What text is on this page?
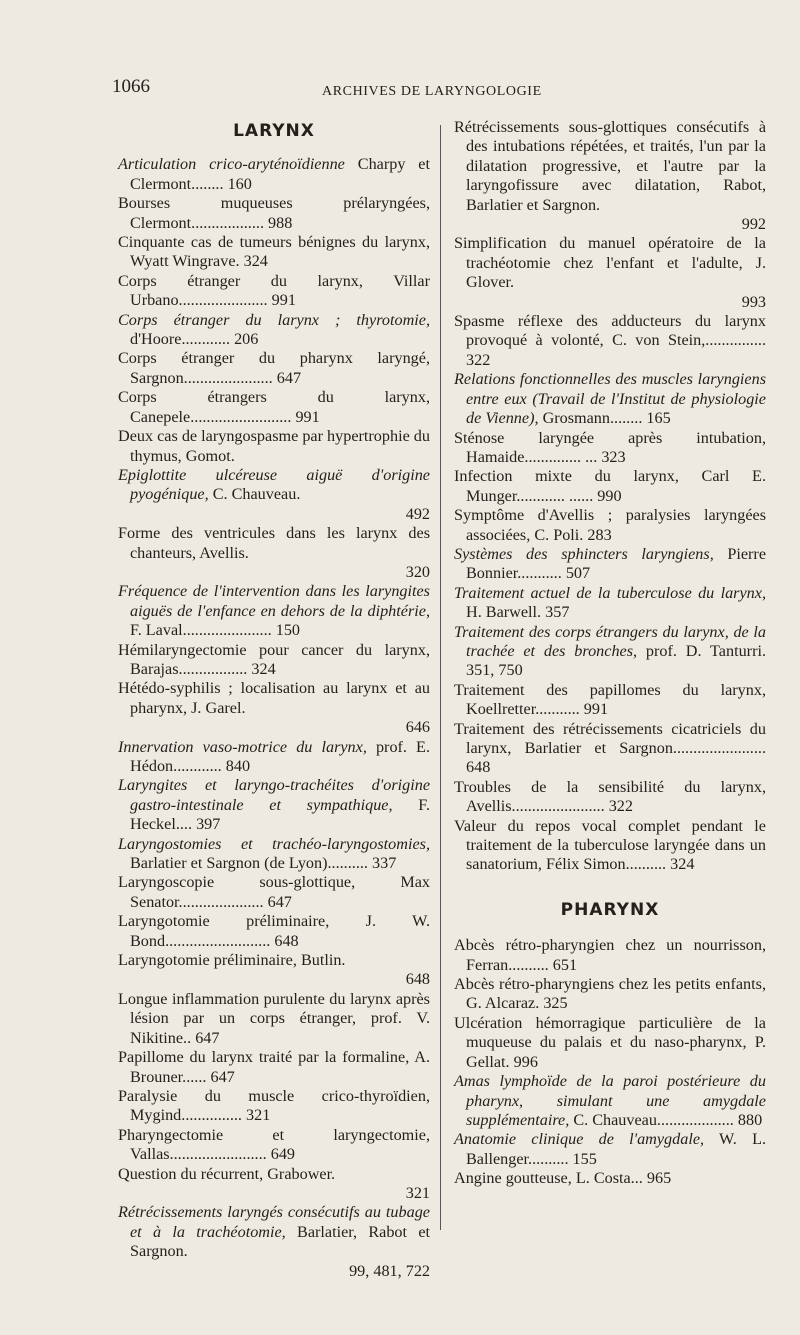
1066	ARCHIVES DE LARYNGOLOGIE
LARYNX
Articulation crico-aryténoïdienne Charpy et Clermont........ 160
Bourses muqueuses prélaryngées, Clermont.................. 988
Cinquante cas de tumeurs bénignes du larynx, Wyatt Wingrave. 324
Corps étranger du larynx, Villar Urbano...................... 991
Corps étranger du larynx ; thyrotomie, d'Hoore............ 206
Corps étranger du pharynx laryngé, Sargnon...................... 647
Corps étrangers du larynx, Canepele......................... 991
Deux cas de laryngospasme par hypertrophie du thymus, Gomot.
Epiglottite ulcéreuse aiguë d'origine pyogénique, C. Chauveau.
492
Forme des ventricules dans les larynx des chanteurs, Avellis.
320
Fréquence de l'intervention dans les laryngites aiguës de l'enfance en dehors de la diphtérie, F. Laval...................... 150
Hémilaryngectomie pour cancer du larynx, Barajas................. 324
Hétédo-syphilis ; localisation au larynx et au pharynx, J. Garel.
646
Innervation vaso-motrice du larynx, prof. E. Hédon............ 840
Laryngites et laryngo-trachéites d'origine gastro-intestinale et sympathique, F. Heckel.... 397
Laryngostomies et trachéo-laryngostomies, Barlatier et Sargnon (de Lyon).......... 337
Laryngoscopie sous-glottique, Max Senator..................... 647
Laryngotomie préliminaire, J. W. Bond.......................... 648
Laryngotomie préliminaire, Butlin.
648
Longue inflammation purulente du larynx après lésion par un corps étranger, prof. V. Nikitine.. 647
Papillome du larynx traité par la formaline, A. Brouner...... 647
Paralysie du muscle crico-thyroïdien, Mygind............... 321
Pharyngectomie et laryngectomie, Vallas........................ 649
Question du récurrent, Grabower.
321
Rétrécissements laryngés consécutifs au tubage et à la trachéotomie, Barlatier, Rabot et Sargnon.
99, 481, 722
Rétrécissements sous-glottiques consécutifs à des intubations répétées, et traités, l'un par la dilatation progressive, et l'autre par la laryngofissure avec dilatation, Rabot, Barlatier et Sargnon.
992
Simplification du manuel opératoire de la trachéotomie chez l'enfant et l'adulte, J. Glover.
993
Spasme réflexe des adducteurs du larynx provoqué à volonté, C. von Stein,............... 322
Relations fonctionnelles des muscles laryngiens entre eux (Travail de l'Institut de physiologie de Vienne), Grosmann........ 165
Sténose laryngée après intubation, Hamaide.............. ... 323
Infection mixte du larynx, Carl E. Munger............ ...... 990
Symptôme d'Avellis ; paralysies laryngées associées, C. Poli. 283
Systèmes des sphincters laryngiens, Pierre Bonnier........... 507
Traitement actuel de la tuberculose du larynx, H. Barwell. 357
Traitement des corps étrangers du larynx, de la trachée et des bronches, prof. D. Tanturri. 351, 750
Traitement des papillomes du larynx, Koellretter........... 991
Traitement des rétrécissements cicatriciels du larynx, Barlatier et Sargnon....................... 648
Troubles de la sensibilité du larynx, Avellis....................... 322
Valeur du repos vocal complet pendant le traitement de la tuberculose laryngée dans un sanatorium, Félix Simon.......... 324
PHARYNX
Abcès rétro-pharyngien chez un nourrisson, Ferran.......... 651
Abcès rétro-pharyngiens chez les petits enfants, G. Alcaraz. 325
Ulcération hémorragique particulière de la muqueuse du palais et du naso-pharynx, P. Gellat. 996
Amas lymphoïde de la paroi postérieure du pharynx, simulant une amygdale supplémentaire, C. Chauveau................... 880
Anatomie clinique de l'amygdale, W. L. Ballenger.......... 155
Angine goutteuse, L. Costa... 965
